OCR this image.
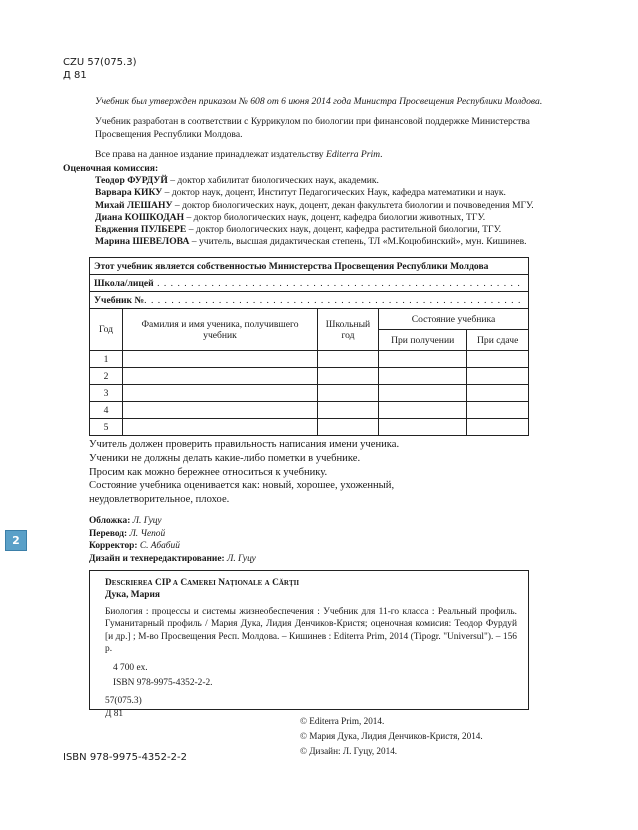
CZU 57(075.3)
Д 81

Учебник был утвержден приказом № 608 от 6 июня 2014 года Министра Просвещения Республики Молдова.

Учебник разработан в соответствии с Куррикулом по биологии при финансовой поддержке Министерства Просвещения Республики Молдова.

Все права на данное издание принадлежат издательству Editerra Prim.

Оценочная комиссия:
Теодор ФУРДУЙ – доктор хабилитат биологических наук, академик.
Варвара КИКУ – доктор наук, доцент, Институт Педагогических Наук, кафедра математики и наук.
Михай ЛЕШАНУ – доктор биологических наук, доцент, декан факультета биологии и почвоведения МГУ.
Диана КОШКОДАН – доктор биологических наук, доцент, кафедра биологии животных, ТГУ.
Евджения ПУЛБЕРЕ – доктор биологических наук, доцент, кафедра растительной биологии, ТГУ.
Марина ШЕВЕЛОВА – учитель, высшая дидактическая степень, ТЛ «М.Коцюбинский», мун. Кишинев.
Этот учебник является собственностью Министерства Просвещения Республики Молдова				
Школа/лицей . . . . . . . . . . . . . . . . . . . . . . . . . . . . . . . . . . . . . . . . . . . . . . . . . . . . . .				
Учебник №. . . . . . . . . . . . . . . . . . . . . . . . . . . . . . . . . . . . . . . . . . . . . . . . . . . . . . . .				
Год	Фамилия и имя ученика, получившего учебник	Школьный год	Состояние учебника	
			При получении	При сдаче
1				
2				
3				
4				
5				
Учитель должен проверить правильность написания имени ученика.
Ученики не должны делать какие-либо пометки в учебнике.
Просим как можно бережнее относиться к учебнику.
Состояние учебника оценивается как: новый, хорошее, ухоженный,
неудовлетворительное, плохое.
Обложка: Л. Гуцу
Перевод: Л. Чепой
Корректор: С. Абабий
Дизайн и технередактирование: Л. Гуцу
Descrierea CIP a Camerei Naţionale a Cărţii
Дука, Мария
Биология : процессы и системы жизнеобеспечения : Учебник для 11-го класса : Реальный профиль. Гуманитарный профиль / Мария Дука, Лидия Денчиков-Кристя; оценочная комисия: Теодор Фурдуй [и др.] ; М-во Просвещения Респ. Молдова. – Кишинев : Editerra Prim, 2014 (Tipogr. "Universul"). – 156 р.
4 700 ex.
ISBN 978-9975-4352-2-2.
57(075.3)
Д 81
© Editerra Prim, 2014.
© Мария Дука, Лидия Денчиков-Кристя, 2014.
© Дизайн: Л. Гуцу, 2014.
ISBN 978-9975-4352-2-2
2
